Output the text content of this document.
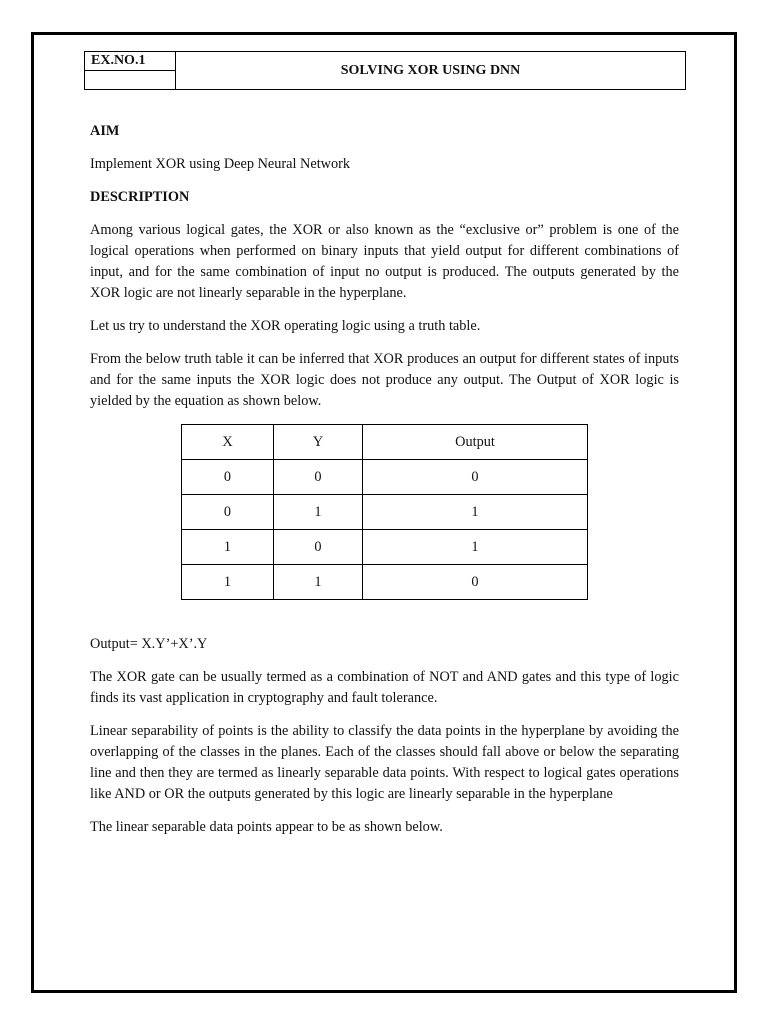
EX.NO.1	SOLVING XOR USING DNN

AIM

Implement XOR using Deep Neural Network

DESCRIPTION

Among various logical gates, the XOR or also known as the “exclusive or” problem is one of the logical operations when performed on binary inputs that yield output for different combinations of input, and for the same combination of input no output is produced. The outputs generated by the XOR logic are not linearly separable in the hyperplane.

Let us try to understand the XOR operating logic using a truth table.

From the below truth table it can be inferred that XOR produces an output for different states of inputs and for the same inputs the XOR logic does not produce any output. The Output of XOR logic is yielded by the equation as shown below.

X	Y	Output
0	0	0
0	1	1
1	0	1
1	1	0

Output= X.Y’+X’.Y

The XOR gate can be usually termed as a combination of NOT and AND gates and this type of logic finds its vast application in cryptography and fault tolerance.

Linear separability of points is the ability to classify the data points in the hyperplane by avoiding the overlapping of the classes in the planes. Each of the classes should fall above or below the separating line and then they are termed as linearly separable data points. With respect to logical gates operations like AND or OR the outputs generated by this logic are linearly separable in the hyperplane

The linear separable data points appear to be as shown below.
